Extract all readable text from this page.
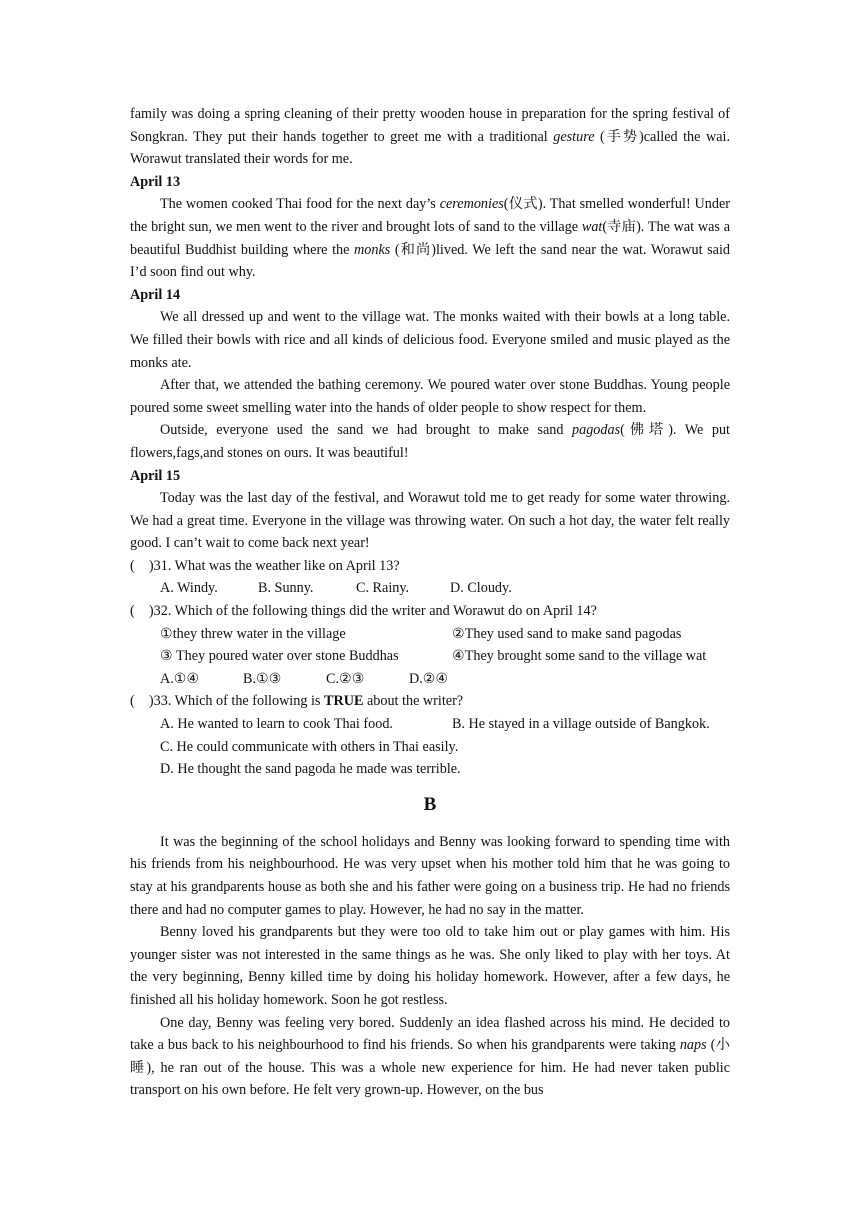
family was doing a spring cleaning of their pretty wooden house in preparation for the spring festival of Songkran. They put their hands together to greet me with a traditional gesture (手势)called the wai. Worawut translated their words for me.

April 13

The women cooked Thai food for the next day’s ceremonies(仪式). That smelled wonderful! Under the bright sun, we men went to the river and brought lots of sand to the village wat(寺庙). The wat was a beautiful Buddhist building where the monks (和尚)lived. We left the sand near the wat. Worawut said I’d soon find out why.

April 14

We all dressed up and went to the village wat. The monks waited with their bowls at a long table. We filled their bowls with rice and all kinds of delicious food. Everyone smiled and music played as the monks ate.

After that, we attended the bathing ceremony. We poured water over stone Buddhas. Young people poured some sweet smelling water into the hands of older people to show respect for them.

Outside, everyone used the sand we had brought to make sand pagodas(佛塔). We put flowers,fags,and stones on ours. It was beautiful!

April 15

Today was the last day of the festival, and Worawut told me to get ready for some water throwing. We had a great time. Everyone in the village was throwing water. On such a hot day, the water felt really good. I can’t wait to come back next year!

(    )31. What was the weather like on April 13?

A. Windy.	B. Sunny.	C. Rainy.	D. Cloudy.

(    )32. Which of the following things did the writer and Worawut do on April 14?

①they threw water in the village	②They used sand to make sand pagodas
③ They poured water over stone Buddhas	④They brought some sand to the village wat
A.①④	B.①③	C.②③	D.②④

(    )33. Which of the following is TRUE about the writer?

A. He wanted to learn to cook Thai food.	B. He stayed in a village outside of Bangkok.
C. He could communicate with others in Thai easily.
D. He thought the sand pagoda he made was terrible.
B

It was the beginning of the school holidays and Benny was looking forward to spending time with his friends from his neighbourhood. He was very upset when his mother told him that he was going to stay at his grandparents house as both she and his father were going on a business trip. He had no friends there and had no computer games to play. However, he had no say in the matter.

Benny loved his grandparents but they were too old to take him out or play games with him. His younger sister was not interested in the same things as he was. She only liked to play with her toys. At the very beginning, Benny killed time by doing his holiday homework. However, after a few days, he finished all his holiday homework. Soon he got restless.

One day, Benny was feeling very bored. Suddenly an idea flashed across his mind. He decided to take a bus back to his neighbourhood to find his friends. So when his grandparents were taking naps (小睡), he ran out of the house. This was a whole new experience for him. He had never taken public transport on his own before. He felt very grown-up. However, on the bus
